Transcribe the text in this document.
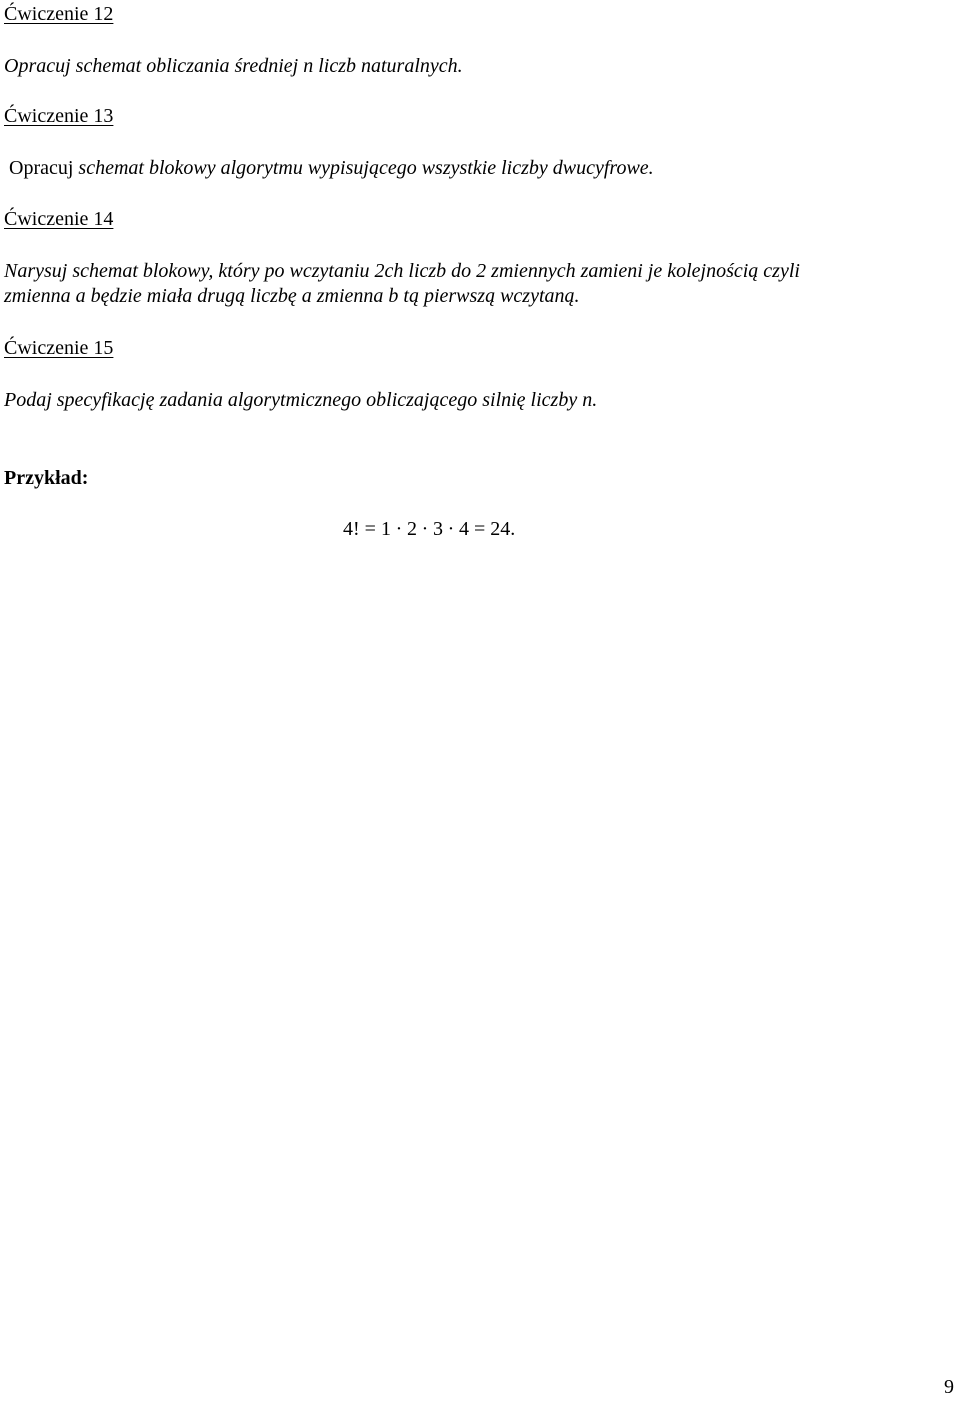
Ćwiczenie 12
Opracuj schemat obliczania średniej n liczb naturalnych.
Ćwiczenie 13
Opracuj schemat blokowy algorytmu wypisującego wszystkie liczby dwucyfrowe.
Ćwiczenie 14
Narysuj schemat blokowy, który po wczytaniu 2ch liczb do 2 zmiennych zamieni je kolejnością czyli
zmienna a będzie miała drugą liczbę a zmienna b tą pierwszą wczytaną.
Ćwiczenie 15
Podaj specyfikację zadania algorytmicznego obliczającego silnię liczby n.
Przykład:
4! = 1 · 2 · 3 · 4 = 24.
9
